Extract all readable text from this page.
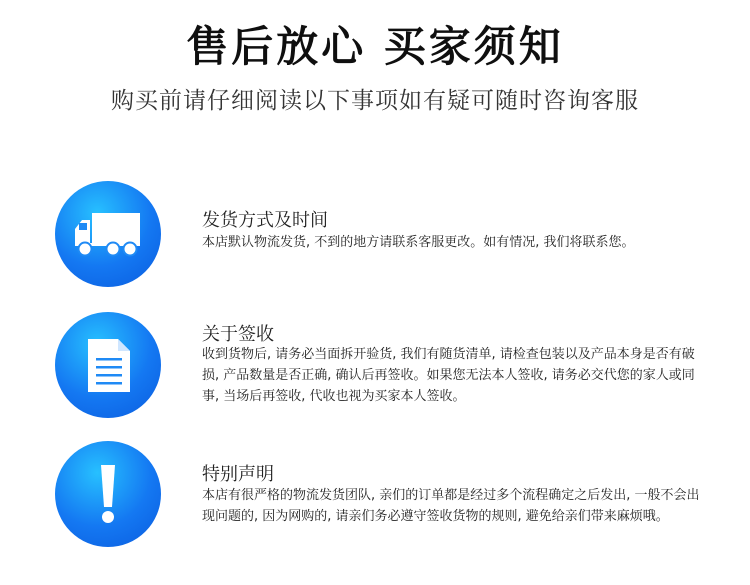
售后放心 买家须知
购买前请仔细阅读以下事项如有疑可随时咨询客服
发货方式及时间
本店默认物流发货, 不到的地方请联系客服更改。如有情况, 我们将联系您。
关于签收
收到货物后, 请务必当面拆开验货, 我们有随货清单, 请检查包装以及产品本身是否有破损, 产品数量是否正确, 确认后再签收。如果您无法本人签收, 请务必交代您的家人或同事, 当场后再签收, 代收也视为买家本人签收。
特别声明
本店有很严格的物流发货团队, 亲们的订单都是经过多个流程确定之后发出, 一般不会出现问题的, 因为网购的, 请亲们务必遵守签收货物的规则, 避免给亲们带来麻烦哦。
